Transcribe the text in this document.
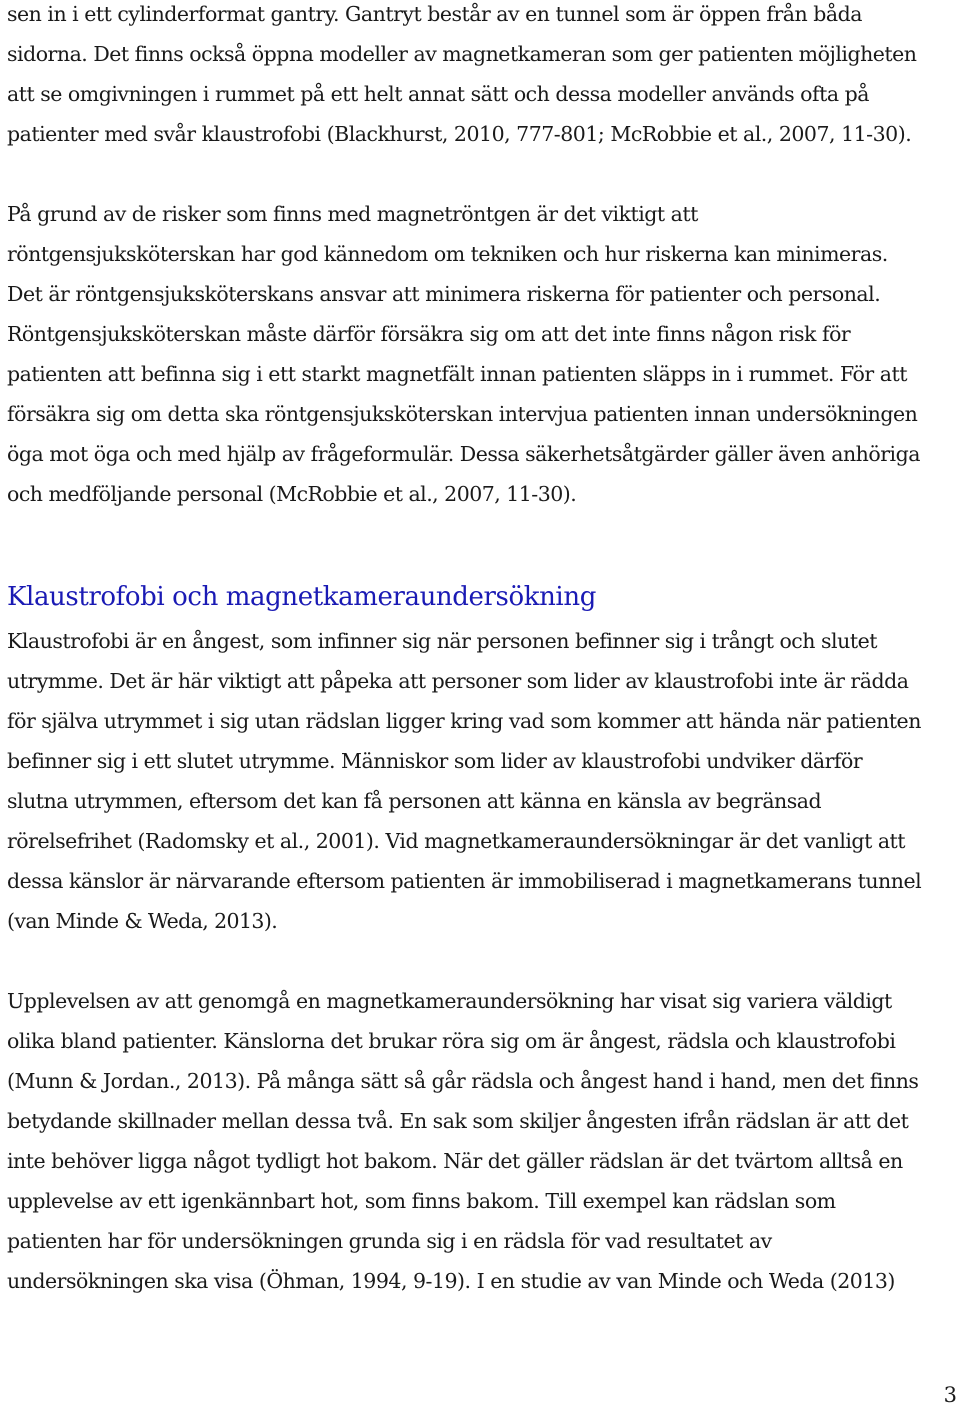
sen in i ett cylinderformat gantry. Gantryt består av en tunnel som är öppen från båda
sidorna. Det finns också öppna modeller av magnetkameran som ger patienten möjligheten
att se omgivningen i rummet på ett helt annat sätt och dessa modeller används ofta på
patienter med svår klaustrofobi (Blackhurst, 2010, 777-801; McRobbie et al., 2007, 11-30).

På grund av de risker som finns med magnetröntgen är det viktigt att
röntgensjuksköterskan har god kännedom om tekniken och hur riskerna kan minimeras.
Det är röntgensjuksköterskans ansvar att minimera riskerna för patienter och personal.
Röntgensjuksköterskan måste därför försäkra sig om att det inte finns någon risk för
patienten att befinna sig i ett starkt magnetfält innan patienten släpps in i rummet. För att
försäkra sig om detta ska röntgensjuksköterskan intervjua patienten innan undersökningen
öga mot öga och med hjälp av frågeformulär. Dessa säkerhetsåtgärder gäller även anhöriga
och medföljande personal (McRobbie et al., 2007, 11-30).

Klaustrofobi och magnetkameraundersökning

Klaustrofobi är en ångest, som infinner sig när personen befinner sig i trångt och slutet
utrymme. Det är här viktigt att påpeka att personer som lider av klaustrofobi inte är rädda
för själva utrymmet i sig utan rädslan ligger kring vad som kommer att hända när patienten
befinner sig i ett slutet utrymme. Människor som lider av klaustrofobi undviker därför
slutna utrymmen, eftersom det kan få personen att känna en känsla av begränsad
rörelsefrihet (Radomsky et al., 2001). Vid magnetkameraundersökningar är det vanligt att
dessa känslor är närvarande eftersom patienten är immobiliserad i magnetkamerans tunnel
(van Minde & Weda, 2013).

Upplevelsen av att genomgå en magnetkameraundersökning har visat sig variera väldigt
olika bland patienter. Känslorna det brukar röra sig om är ångest, rädsla och klaustrofobi
(Munn & Jordan., 2013). På många sätt så går rädsla och ångest hand i hand, men det finns
betydande skillnader mellan dessa två. En sak som skiljer ångesten ifrån rädslan är att det
inte behöver ligga något tydligt hot bakom. När det gäller rädslan är det tvärtom alltså en
upplevelse av ett igenkännbart hot, som finns bakom. Till exempel kan rädslan som
patienten har för undersökningen grunda sig i en rädsla för vad resultatet av
undersökningen ska visa (Öhman, 1994, 9-19). I en studie av van Minde och Weda (2013)

3
